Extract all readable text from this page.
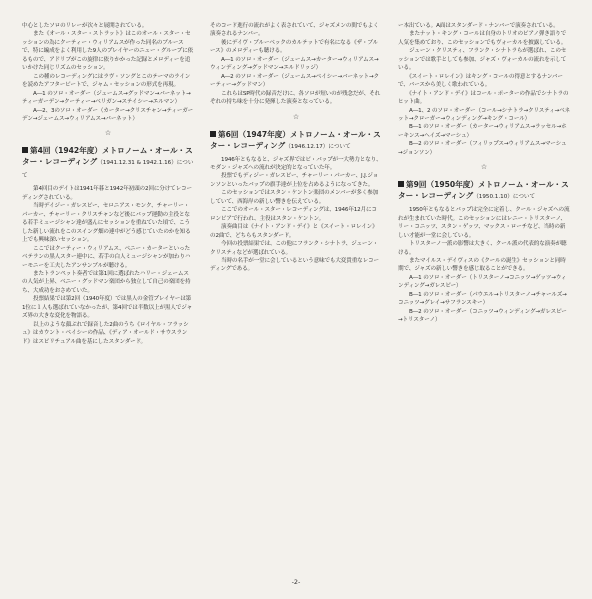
中心としたソロのリレーが次々と展開されている。

　また《オール・スター・ストラット》はこのオール・スター・セッションの為にクーティー・ウィリアムスが作った同名のブルースで、特に編成をよく利用した9人のプレイヤーのニュー・グループに依るもので、アドリブがこの旋律に依りかかった記録とメロディーを追いかけた同じリズムのセッション。

　この種のレコーディングにはラヴ・ソングとこのテーマのラインを読めたアフタービートで、ジャム・セッションの形式を再現。

　A―1 のソロ・オーダー（ジェームス→グッドマン→バーネット→ティーガーデン→クーティー→ベリガン→ステイシー→エルマン）

　A―2、3のソロ・オーダー（カーター→クリスチャン→ティーガーデン→ジェームス→ウィリアムス→バーネット）

☆
第4回（1942年度）メトロノーム・オール・スター・レコーディング（1941.12.31 & 1942.1.16）について

　第4回目のデイトは1941年暮と1942年初頭の2回に分けてレコーディングされている。

　当時デイジー・ガレスピー、セロニアス・モンク、チャーリー・パーカー、チャーリー・クリスチャンなど後にバップ運動の主役となる若手ミュージシャン達が盛んにセッションを重ねていた頃で、こうした新しい流れをこのスイング畑の連中がどう感じていたのかを知る上でも興味深いセッション。

　ここではクーティー・ウィリアムス、ベニー・カーターといったベテランの黒人スター連中に、若手の白人ミュージシャンが加わりハーモニーを工夫したアンサンブルが聴ける。

　またトランペット奏者では第1回に選ばれたハリー・ジェームスの人気が上昇、ベニー・グッドマン楽団から独立して自己の楽団を持ち、大成功をおさめていた。

　投票結果では第2回（1940年度）では黒人の金管プレイヤーは第1位に１人も選ばれていなかったが、第4回では半数以上が黒人でジャズ界の大きな変化を物語る。

　以上のような顔ぶれで録音した2曲のうち《ロイヤル・フラッシュ》はカウント・ベイシーの作品、《ディア・オールド・サウスランド》はスピリチュアル曲を基にしたスタンダード。

そのコード進行の流れがよく表されていて、ジャズメンの間でもよく演奏されるナンバー。

　後にデイヴ・ブルーベックのカルテットで有名になる《ザ・ブルース》のメロディーも聴ける。

　A―1 のソロ・オーダー（ジェームス→カーター→ウィリアムス→ウィンディング→グッドマン→エルドリッジ）

　A―2 のソロ・オーダー（ジェームス→ベイシー→バーネット→クーティー→グッドマン）

　これらはSP時代の録音だけに、各ソロが短いのが残念だが、それぞれの持ち味を十分に発揮した演奏となっている。

☆
第6回（1947年度）メトロノーム・オール・スター・レコーディング（1946.12.17）について

　1946年ともなると、ジャズ界ではビ・バップが一大勢力となり、モダン・ジャズへの流れが決定的となっていた年。

　投票でもディジー・ガレスピー、チャーリー・パーカー、J.J.ジョンソンといったバップの旗手達が上位を占めるようになってきた。

　このセッションではスタン・ケントン楽団のメンバーが多く参加していて、西海岸の新しい響きを伝えている。

　ここでのオール・スター・レコーディングは、1946年12月にコロンビアで行われ、主役はスタン・ケントン。

　演奏曲目は《ナイト・アンド・デイ》と《スイート・ロレイン》の2曲で、どちらもスタンダード。

　今回の投票結果では、この他にフランク・シナトラ、ジューン・クリスティなどが選ばれている。

　当時の名手が一堂に会しているという意味でも大変貴重なレコーディングである。

ー本出ている。A面はスタンダード・ナンバーで演奏されている。

　またナット・キング・コールは自身のトリオのピアノ弾き語りで人気を集めており、このセッションでもヴォーカルを披露している。

　ジューン・クリスティ、フランク・シナトラらが選ばれ、このセッションでは歌手としても参加、ジャズ・ヴォーカルの流れを示している。

　《スイート・ロレイン》はキング・コールの得意とするナンバーで、バースから美しく歌われている。

　《ナイト・アンド・デイ》はコール・ポーターの作品でシナトラのヒット曲。

　A―1、2 のソロ・オーダー（コール→シナトラ→クリスティ→ベネット→クローガー→ウィンディング→キング・コール）

　B―1 のソロ・オーダー（カーター→ウィリアムス→ラッセル→ホーキンス→ヘイズ→マーシュ）

　B―2 のソロ・オーダー（フィリップス→ウィリアムス→マーシュ→ジョンソン）

☆
第9回（1950年度）メトロノーム・オール・スター・レコーディング（1950.1.10）について

　1950年ともなるとバップは完全に定着し、クール・ジャズへの流れが生まれていた時代。このセッションにはレニー・トリスターノ、リー・コニッツ、スタン・ゲッツ、マックス・ローチなど、当時の新しい才能が一堂に会している。

　トリスターノ一派の影響は大きく、クール派の代表的な演奏が聴ける。

　またマイルス・デイヴィスの《クールの誕生》セッションと同時期で、ジャズの新しい響きを感じ取ることができる。

　A―1 のソロ・オーダー（トリスターノ→コニッツ→ゲッツ→ウィンディング→ガレスピー）

　B―1 のソロ・オーダー（パウエル→トリスターノ→チャールズ→コニッツ→グレイ→サフランスキー）

　B―2 のソロ・オーダー（コニッツ→ウィンディング→ガレスピー→トリスターノ）

-2-
